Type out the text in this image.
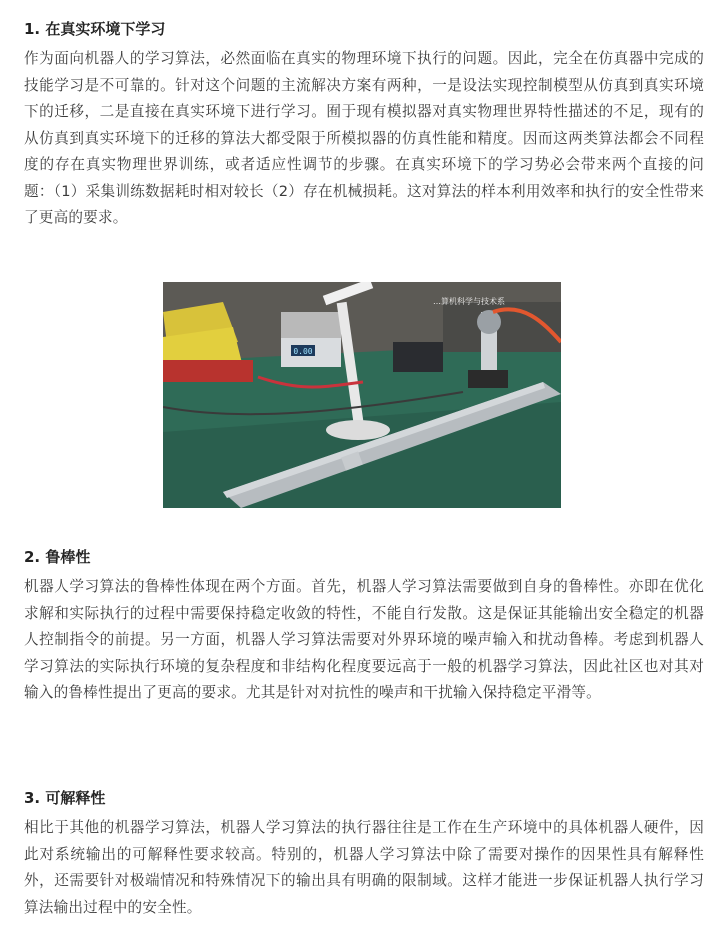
1. 在真实环境下学习

作为面向机器人的学习算法，必然面临在真实的物理环境下执行的问题。因此，完全在仿真器中完成的技能学习是不可靠的。针对这个问题的主流解决方案有两种，一是设法实现控制模型从仿真到真实环境下的迁移，二是直接在真实环境下进行学习。囿于现有模拟器对真实物理世界特性描述的不足，现有的从仿真到真实环境下的迁移的算法大都受限于所模拟器的仿真性能和精度。因而这两类算法都会不同程度的存在真实物理世界训练，或者适应性调节的步骤。在真实环境下的学习势必会带来两个直接的问题：（1）采集训练数据耗时相对较长（2）存在机械损耗。这对算法的样本利用效率和执行的安全性带来了更高的要求。

0.00
…算机科学与技术系
2. 鲁棒性

机器人学习算法的鲁棒性体现在两个方面。首先，机器人学习算法需要做到自身的鲁棒性。亦即在优化求解和实际执行的过程中需要保持稳定收敛的特性，不能自行发散。这是保证其能输出安全稳定的机器人控制指令的前提。另一方面，机器人学习算法需要对外界环境的噪声输入和扰动鲁棒。考虑到机器人学习算法的实际执行环境的复杂程度和非结构化程度要远高于一般的机器学习算法，因此社区也对其对输入的鲁棒性提出了更高的要求。尤其是针对对抗性的噪声和干扰输入保持稳定平滑等。

3. 可解释性

相比于其他的机器学习算法，机器人学习算法的执行器往往是工作在生产环境中的具体机器人硬件，因此对系统输出的可解释性要求较高。特别的，机器人学习算法中除了需要对操作的因果性具有解释性外，还需要针对极端情况和特殊情况下的输出具有明确的限制域。这样才能进一步保证机器人执行学习算法输出过程中的安全性。
